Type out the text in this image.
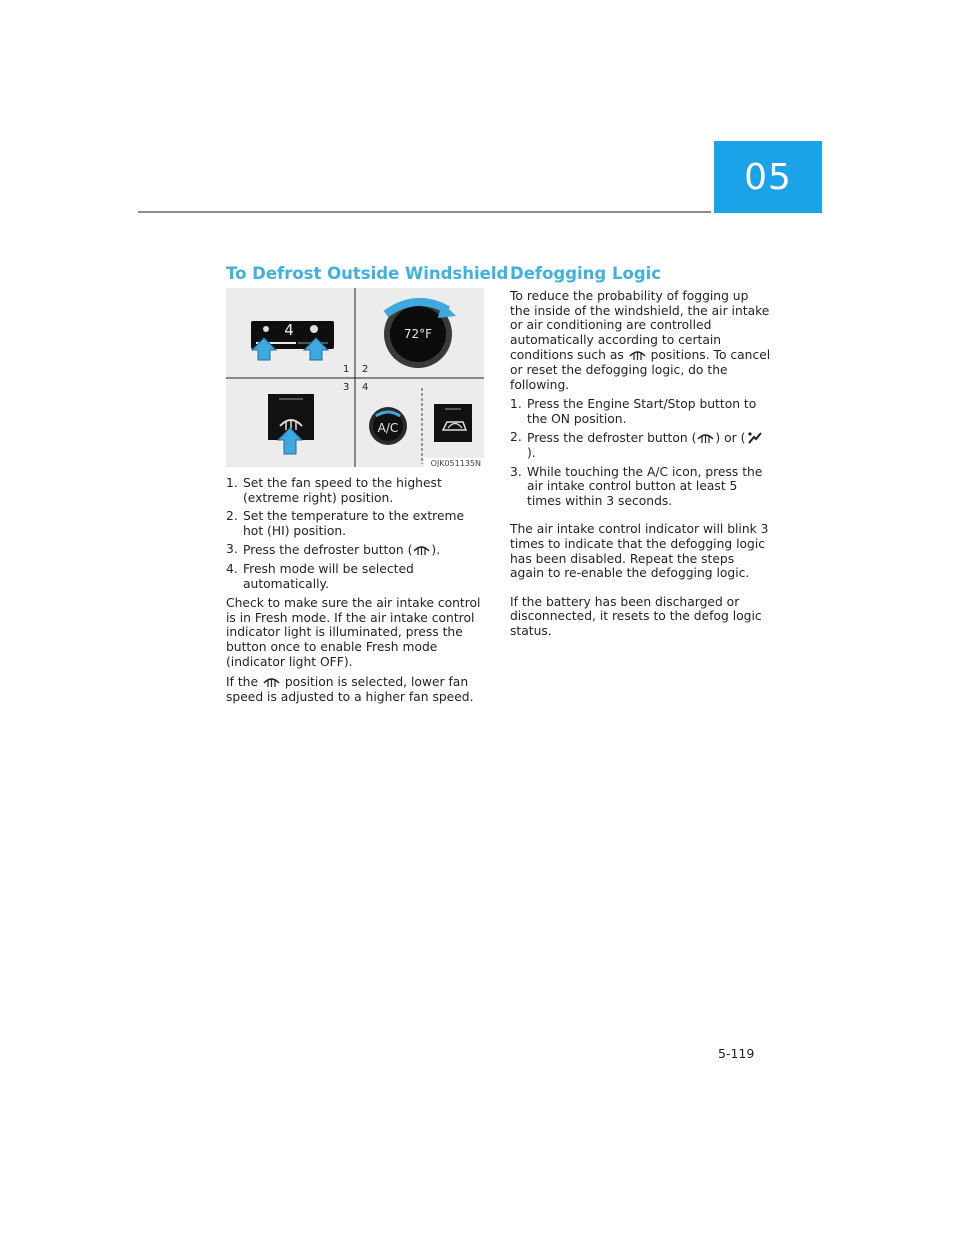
05
To Defrost Outside Windshield
4
1
72°F
2
3
A/C
4
OJK051135N
1. Set the fan speed to the highest (extreme right) position.
2. Set the temperature to the extreme hot (HI) position.
3. Press the defroster button ( ).
4. Fresh mode will be selected automatically.

Check to make sure the air intake control is in Fresh mode. If the air intake control indicator light is illuminated, press the button once to enable Fresh mode (indicator light OFF).

If the  position is selected, lower fan speed is adjusted to a higher fan speed.

Defogging Logic

To reduce the probability of fogging up the inside of the windshield, the air intake or air conditioning are controlled automatically according to certain conditions such as  positions. To cancel or reset the defogging logic, do the following.

1. Press the Engine Start/Stop button to the ON position.
2. Press the defroster button ( ) or ().
3. While touching the A/C icon, press the air intake control button at least 5 times within 3 seconds.

The air intake control indicator will blink 3 times to indicate that the defogging logic has been disabled. Repeat the steps again to re-enable the defogging logic.

If the battery has been discharged or disconnected, it resets to the defog logic status.

5-119
